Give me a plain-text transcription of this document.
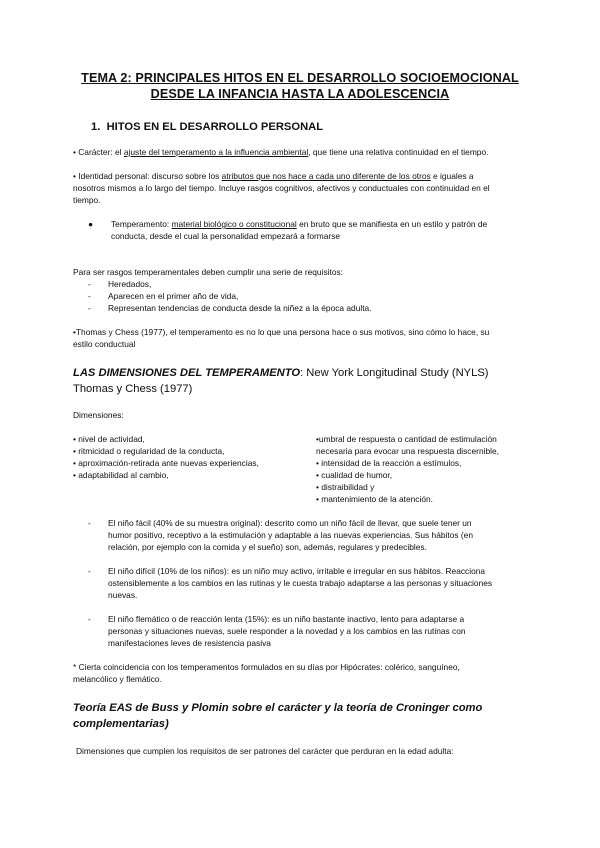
TEMA 2: PRINCIPALES HITOS EN EL DESARROLLO SOCIOEMOCIONAL
DESDE LA INFANCIA HASTA LA ADOLESCENCIA
1. HITOS EN EL DESARROLLO PERSONAL
• Carácter: el ajuste del temperamento a la influencia ambiental, que tiene una relativa continuidad en el tiempo.
• Identidad personal: discurso sobre los atributos que nos hace a cada uno diferente de los otros e iguales a
nosotros mismos a lo largo del tiempo. Incluye rasgos cognitivos, afectivos y conductuales con continuidad en el
tiempo.
● Temperamento: material biológico o constitucional en bruto que se manifiesta en un estilo y patrón de
conducta, desde el cual la personalidad empezará a formarse
Para ser rasgos temperamentales deben cumplir una serie de requisitos:
- Heredados,
- Aparecen en el primer año de vida,
- Representan tendencias de conducta desde la niñez a la época adulta.
•Thomas y Chess (1977), el temperamento es no lo que una persona hace o sus motivos, sino cómo lo hace, su
estilo conductual
LAS DIMENSIONES DEL TEMPERAMENTO: New York Longitudinal Study (NYLS)
Thomas y Chess (1977)
Dimensiones:
• nivel de actividad,
• ritmicidad o regularidad de la conducta,
• aproximación-retirada ante nuevas experiencias,
• adaptabilidad al cambio,
•umbral de respuesta o cantidad de estimulación
necesaria para evocar una respuesta discernible,
• intensidad de la reacción a estímulos,
• cualidad de humor,
• distraibilidad y
• mantenimiento de la atención.
- El niño fácil (40% de su muestra original): descrito como un niño fácil de llevar, que suele tener un
humor positivo, receptivo a la estimulación y adaptable a las nuevas experiencias. Sus hábitos (en
relación, por ejemplo con la comida y el sueño) son, además, regulares y predecibles.
- El niño difícil (10% de los niños): es un niño muy activo, irritable e irregular en sus hábitos. Reacciona
ostensiblemente a los cambios en las rutinas y le cuesta trabajo adaptarse a las personas y situaciones
nuevas.
- El niño flemático o de reacción lenta (15%): es un niño bastante inactivo, lento para adaptarse a
personas y situaciones nuevas, suele responder a la novedad y a los cambios en las rutinas con
manifestaciones leves de resistencia pasiva
* Cierta coincidencia con los temperamentos formulados en su días por Hipócrates: colérico, sanguíneo,
melancólico y flemático.
Teoría EAS de Buss y Plomin sobre el carácter y la teoría de Croninger como
complementarias)
Dimensiones que cumplen los requisitos de ser patrones del carácter que perduran en la edad adulta:
